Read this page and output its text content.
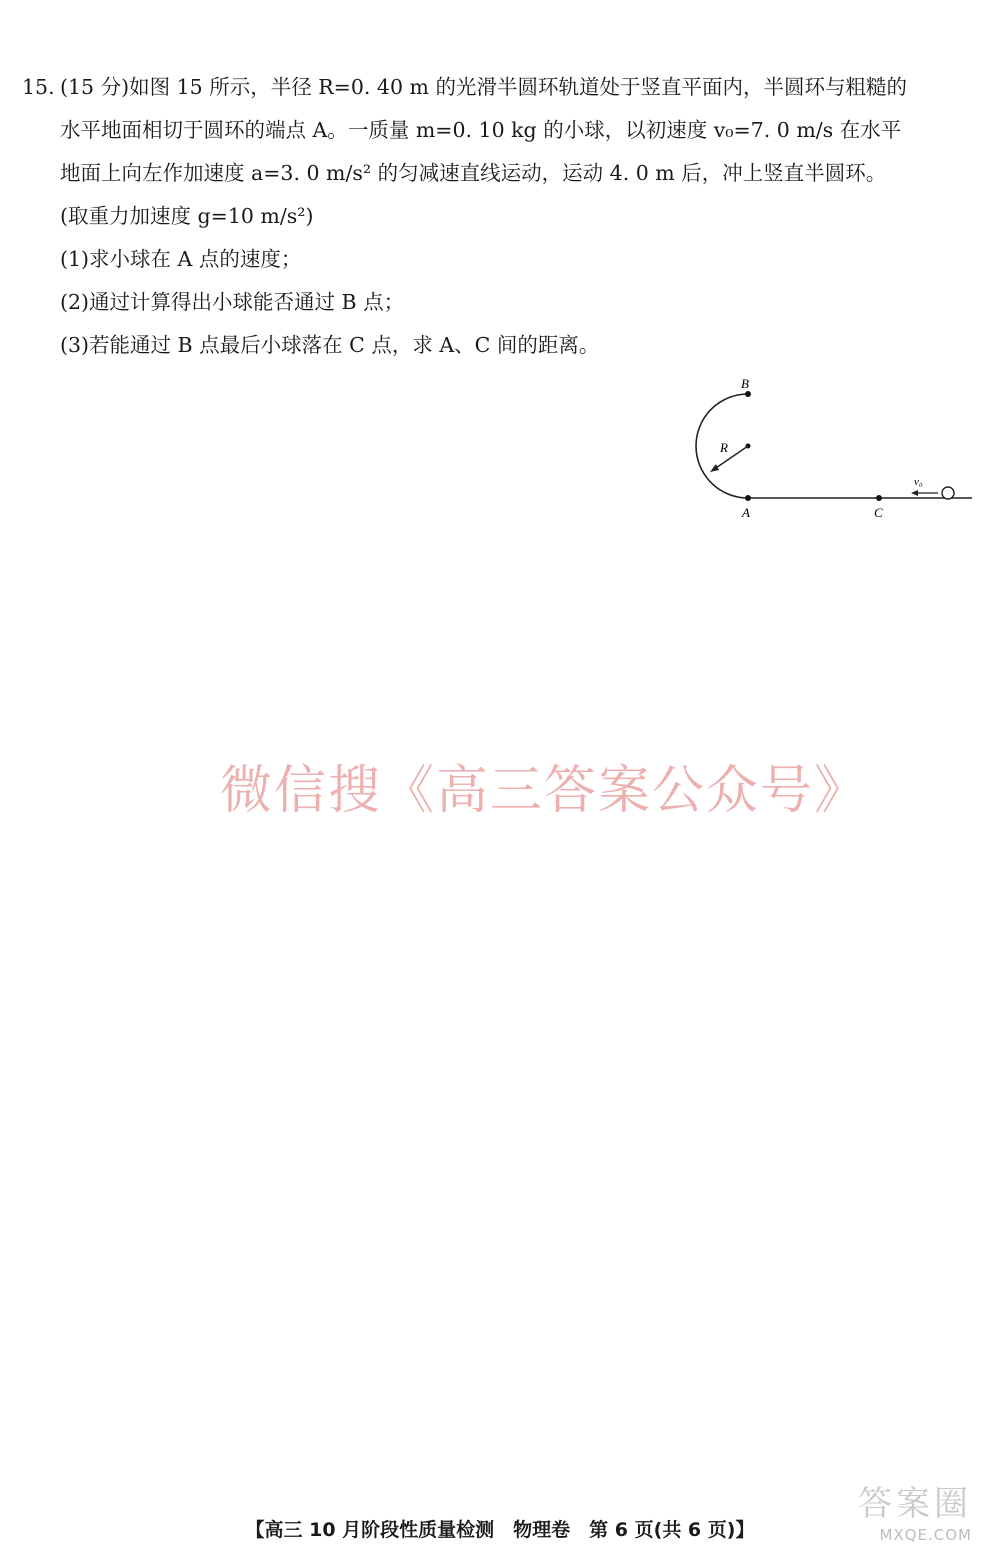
15. (15 分)如图 15 所示，半径 R=0. 40 m 的光滑半圆环轨道处于竖直平面内，半圆环与粗糙的

水平地面相切于圆环的端点 A。一质量 m=0. 10 kg 的小球，以初速度 v₀=7. 0 m/s 在水平

地面上向左作加速度 a=3. 0 m/s² 的匀减速直线运动，运动 4. 0 m 后，冲上竖直半圆环。

(取重力加速度 g=10 m/s²)

(1)求小球在 A 点的速度；

(2)通过计算得出小球能否通过 B 点；

(3)若能通过 B 点最后小球落在 C 点，求 A、C 间的距离。

B
R
A	C
v₀
微信搜《高三答案公众号》
【高三 10 月阶段性质量检测　物理卷　第 6 页(共 6 页)】
答案圈
MXQE.COM
